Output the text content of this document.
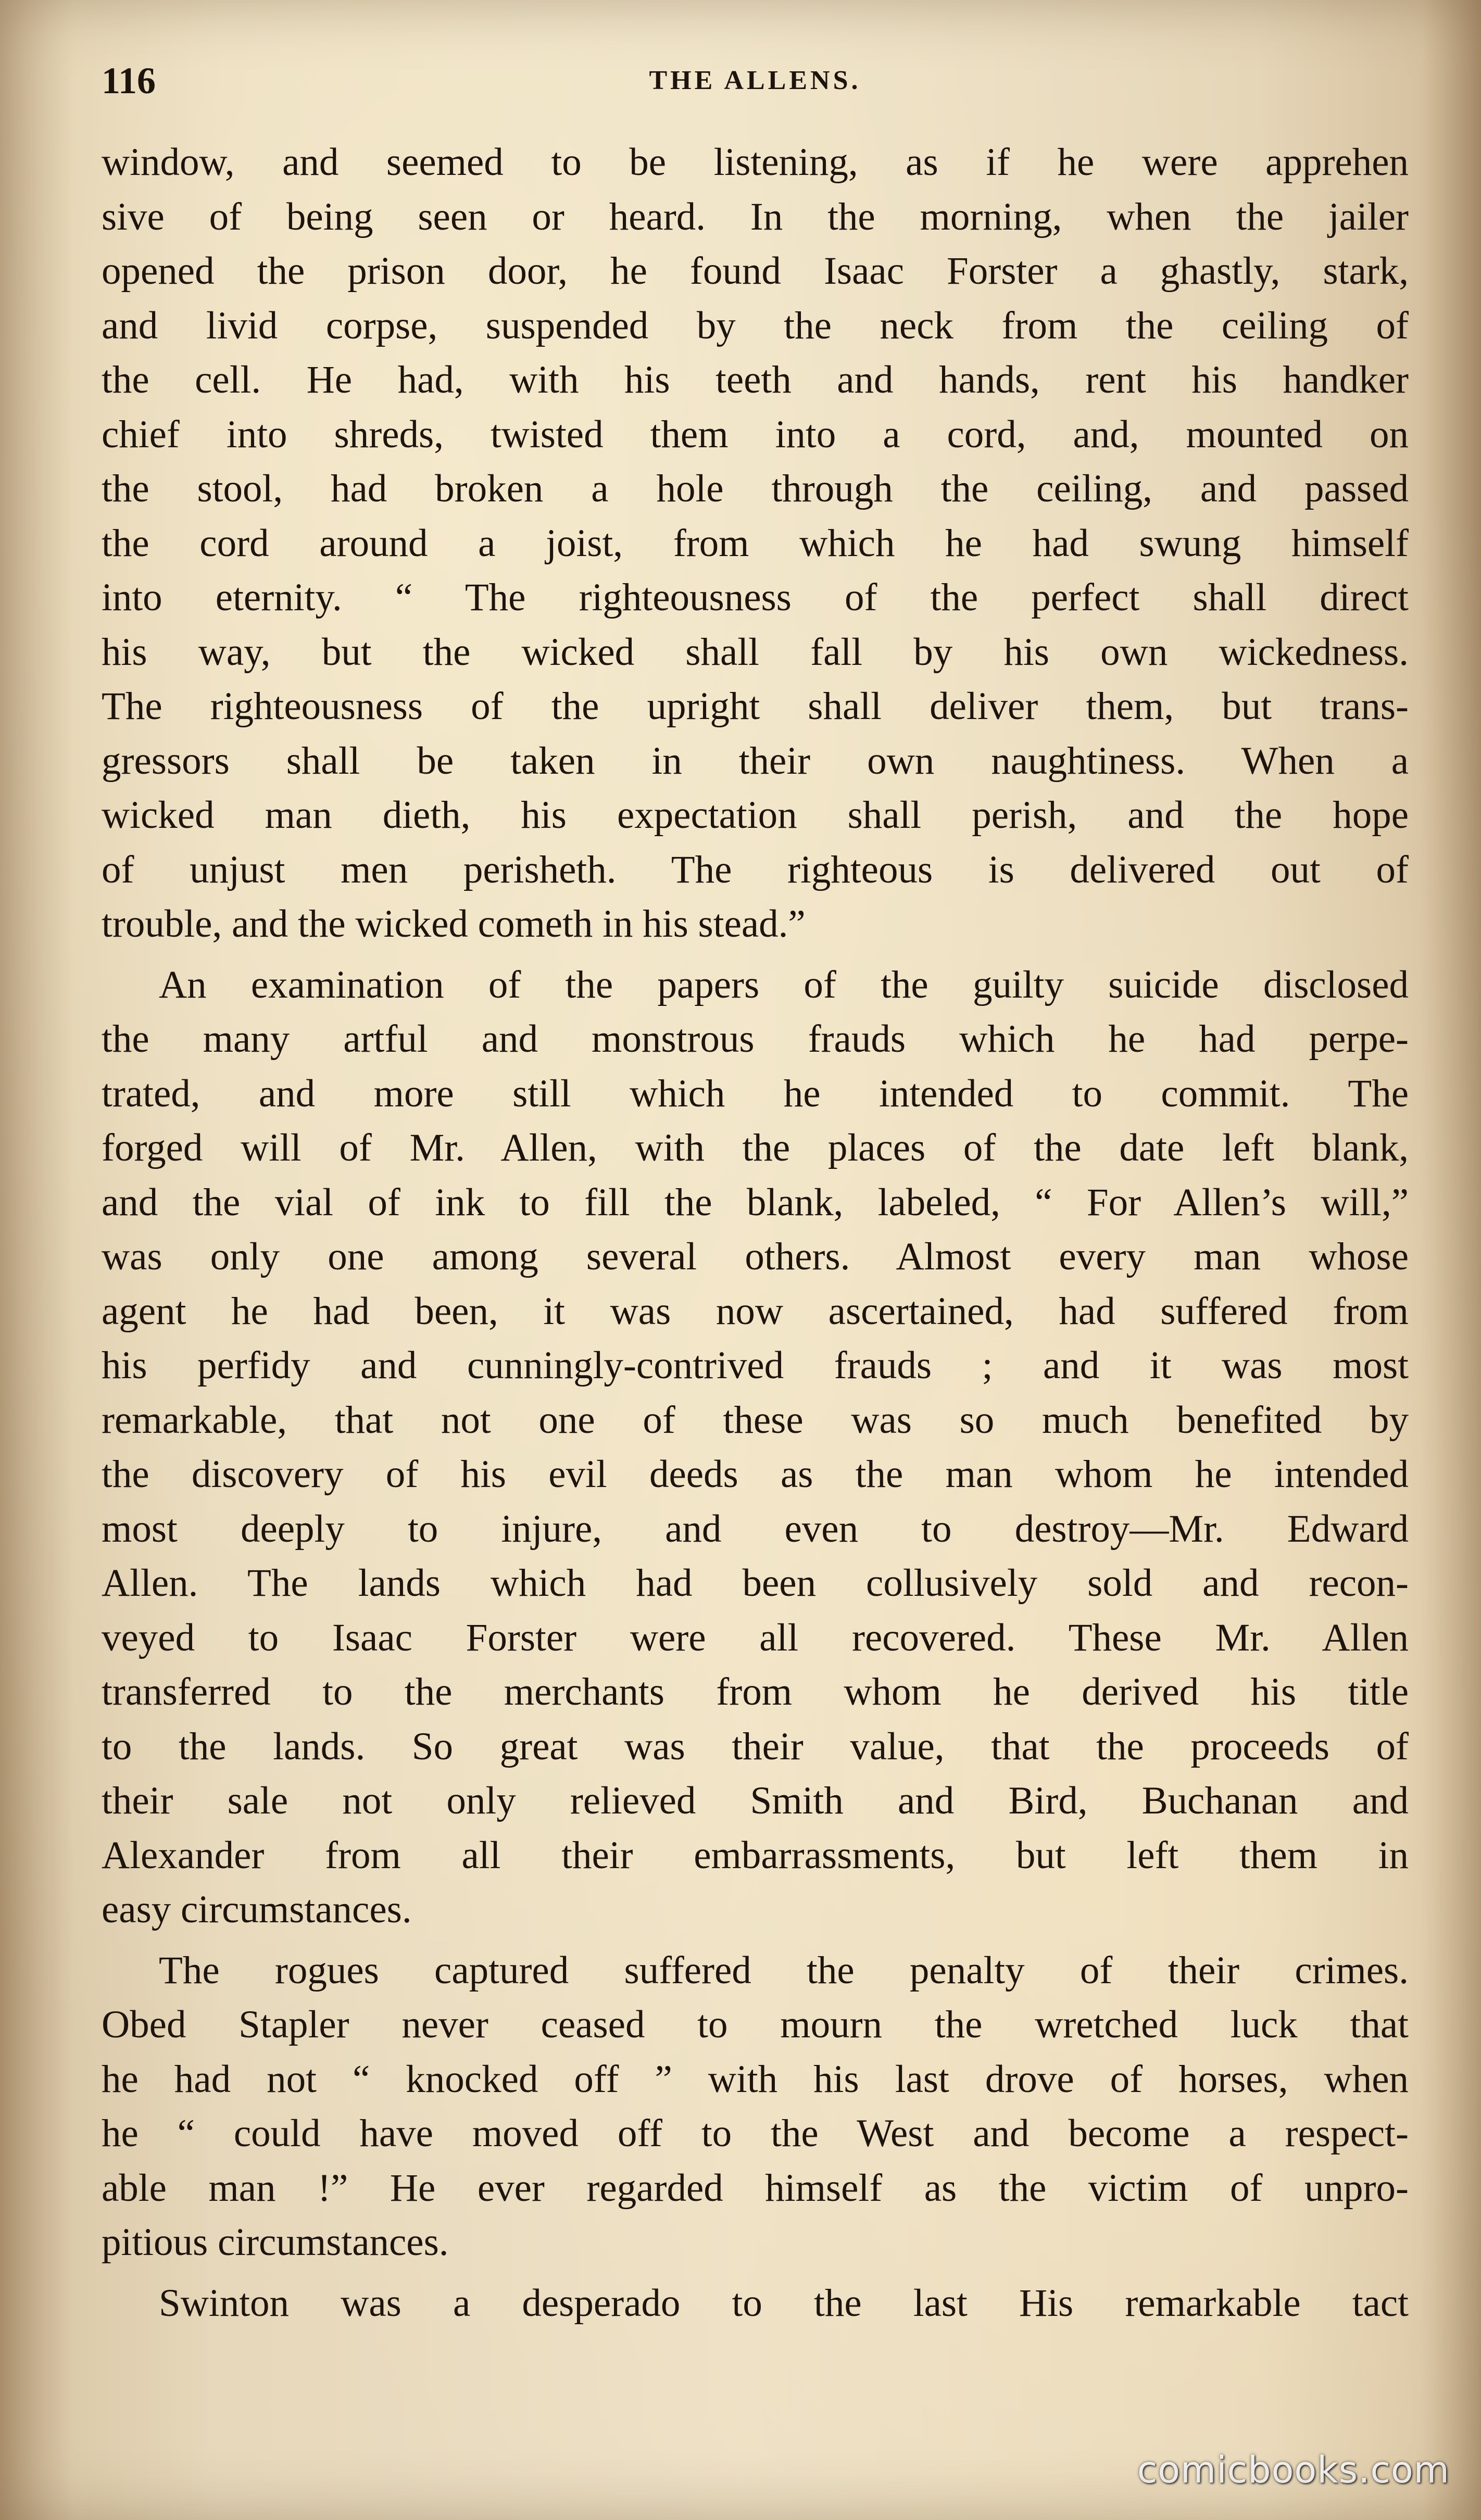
116	THE ALLENS.
window, and seemed to be listening, as if he were apprehen
sive of being seen or heard. In the morning, when the jailer
opened the prison door, he found Isaac Forster a ghastly, stark,
and livid corpse, suspended by the neck from the ceiling of
the cell. He had, with his teeth and hands, rent his handker
chief into shreds, twisted them into a cord, and, mounted on
the stool, had broken a hole through the ceiling, and passed
the cord around a joist, from which he had swung himself
into eternity. “ The righteousness of the perfect shall direct
his way, but the wicked shall fall by his own wickedness.
The righteousness of the upright shall deliver them, but trans-
gressors shall be taken in their own naughtiness. When a
wicked man dieth, his expectation shall perish, and the hope
of unjust men perisheth. The righteous is delivered out of
trouble, and the wicked cometh in his stead.”
An examination of the papers of the guilty suicide disclosed
the many artful and monstrous frauds which he had perpe-
trated, and more still which he intended to commit. The
forged will of Mr. Allen, with the places of the date left blank,
and the vial of ink to fill the blank, labeled, “ For Allen’s will,”
was only one among several others. Almost every man whose
agent he had been, it was now ascertained, had suffered from
his perfidy and cunningly-contrived frauds ; and it was most
remarkable, that not one of these was so much benefited by
the discovery of his evil deeds as the man whom he intended
most deeply to injure, and even to destroy—Mr. Edward
Allen. The lands which had been collusively sold and recon-
veyed to Isaac Forster were all recovered. These Mr. Allen
transferred to the merchants from whom he derived his title
to the lands. So great was their value, that the proceeds of
their sale not only relieved Smith and Bird, Buchanan and
Alexander from all their embarrassments, but left them in
easy circumstances.
The rogues captured suffered the penalty of their crimes.
Obed Stapler never ceased to mourn the wretched luck that
he had not “ knocked off ” with his last drove of horses, when
he “ could have moved off to the West and become a respect-
able man !” He ever regarded himself as the victim of unpro-
pitious circumstances.
Swinton was a desperado to the last His remarkable tact
comicbooks.com
